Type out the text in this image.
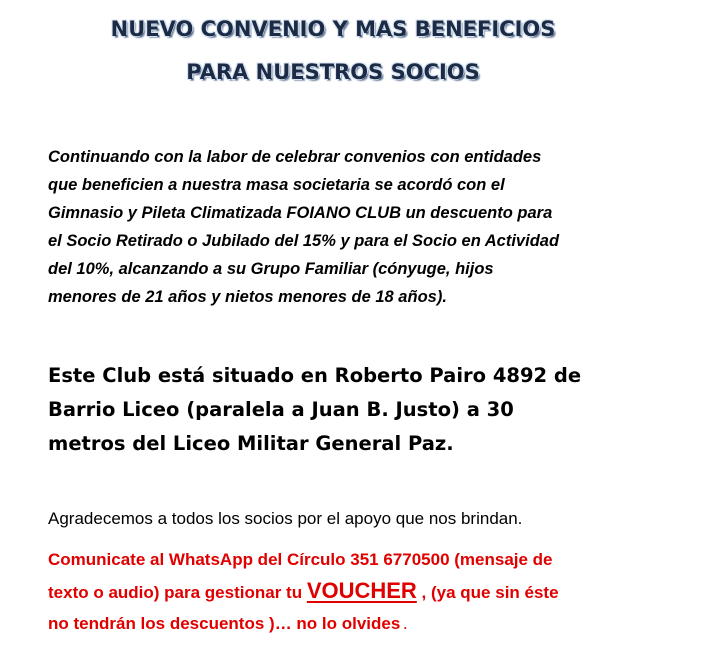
NUEVO CONVENIO Y MAS BENEFICIOS
PARA NUESTROS SOCIOS
Continuando con la labor de celebrar convenios con entidades
que beneficien a nuestra masa societaria se acordó con el
Gimnasio y Pileta Climatizada FOIANO CLUB un descuento para
el Socio Retirado o Jubilado del 15% y para el Socio en Actividad
del 10%, alcanzando a su Grupo Familiar (cónyuge, hijos
menores de 21 años y nietos menores de 18 años).
Este Club está situado en Roberto Pairo 4892 de
Barrio Liceo (paralela a Juan B. Justo) a 30
metros del Liceo Militar General Paz.
Agradecemos a todos los socios por el apoyo que nos brindan.
Comunicate al WhatsApp del Círculo 351 6770500 (mensaje de
texto o audio) para gestionar tu VOUCHER , (ya que sin éste
no tendrán los descuentos )… no lo olvides .
